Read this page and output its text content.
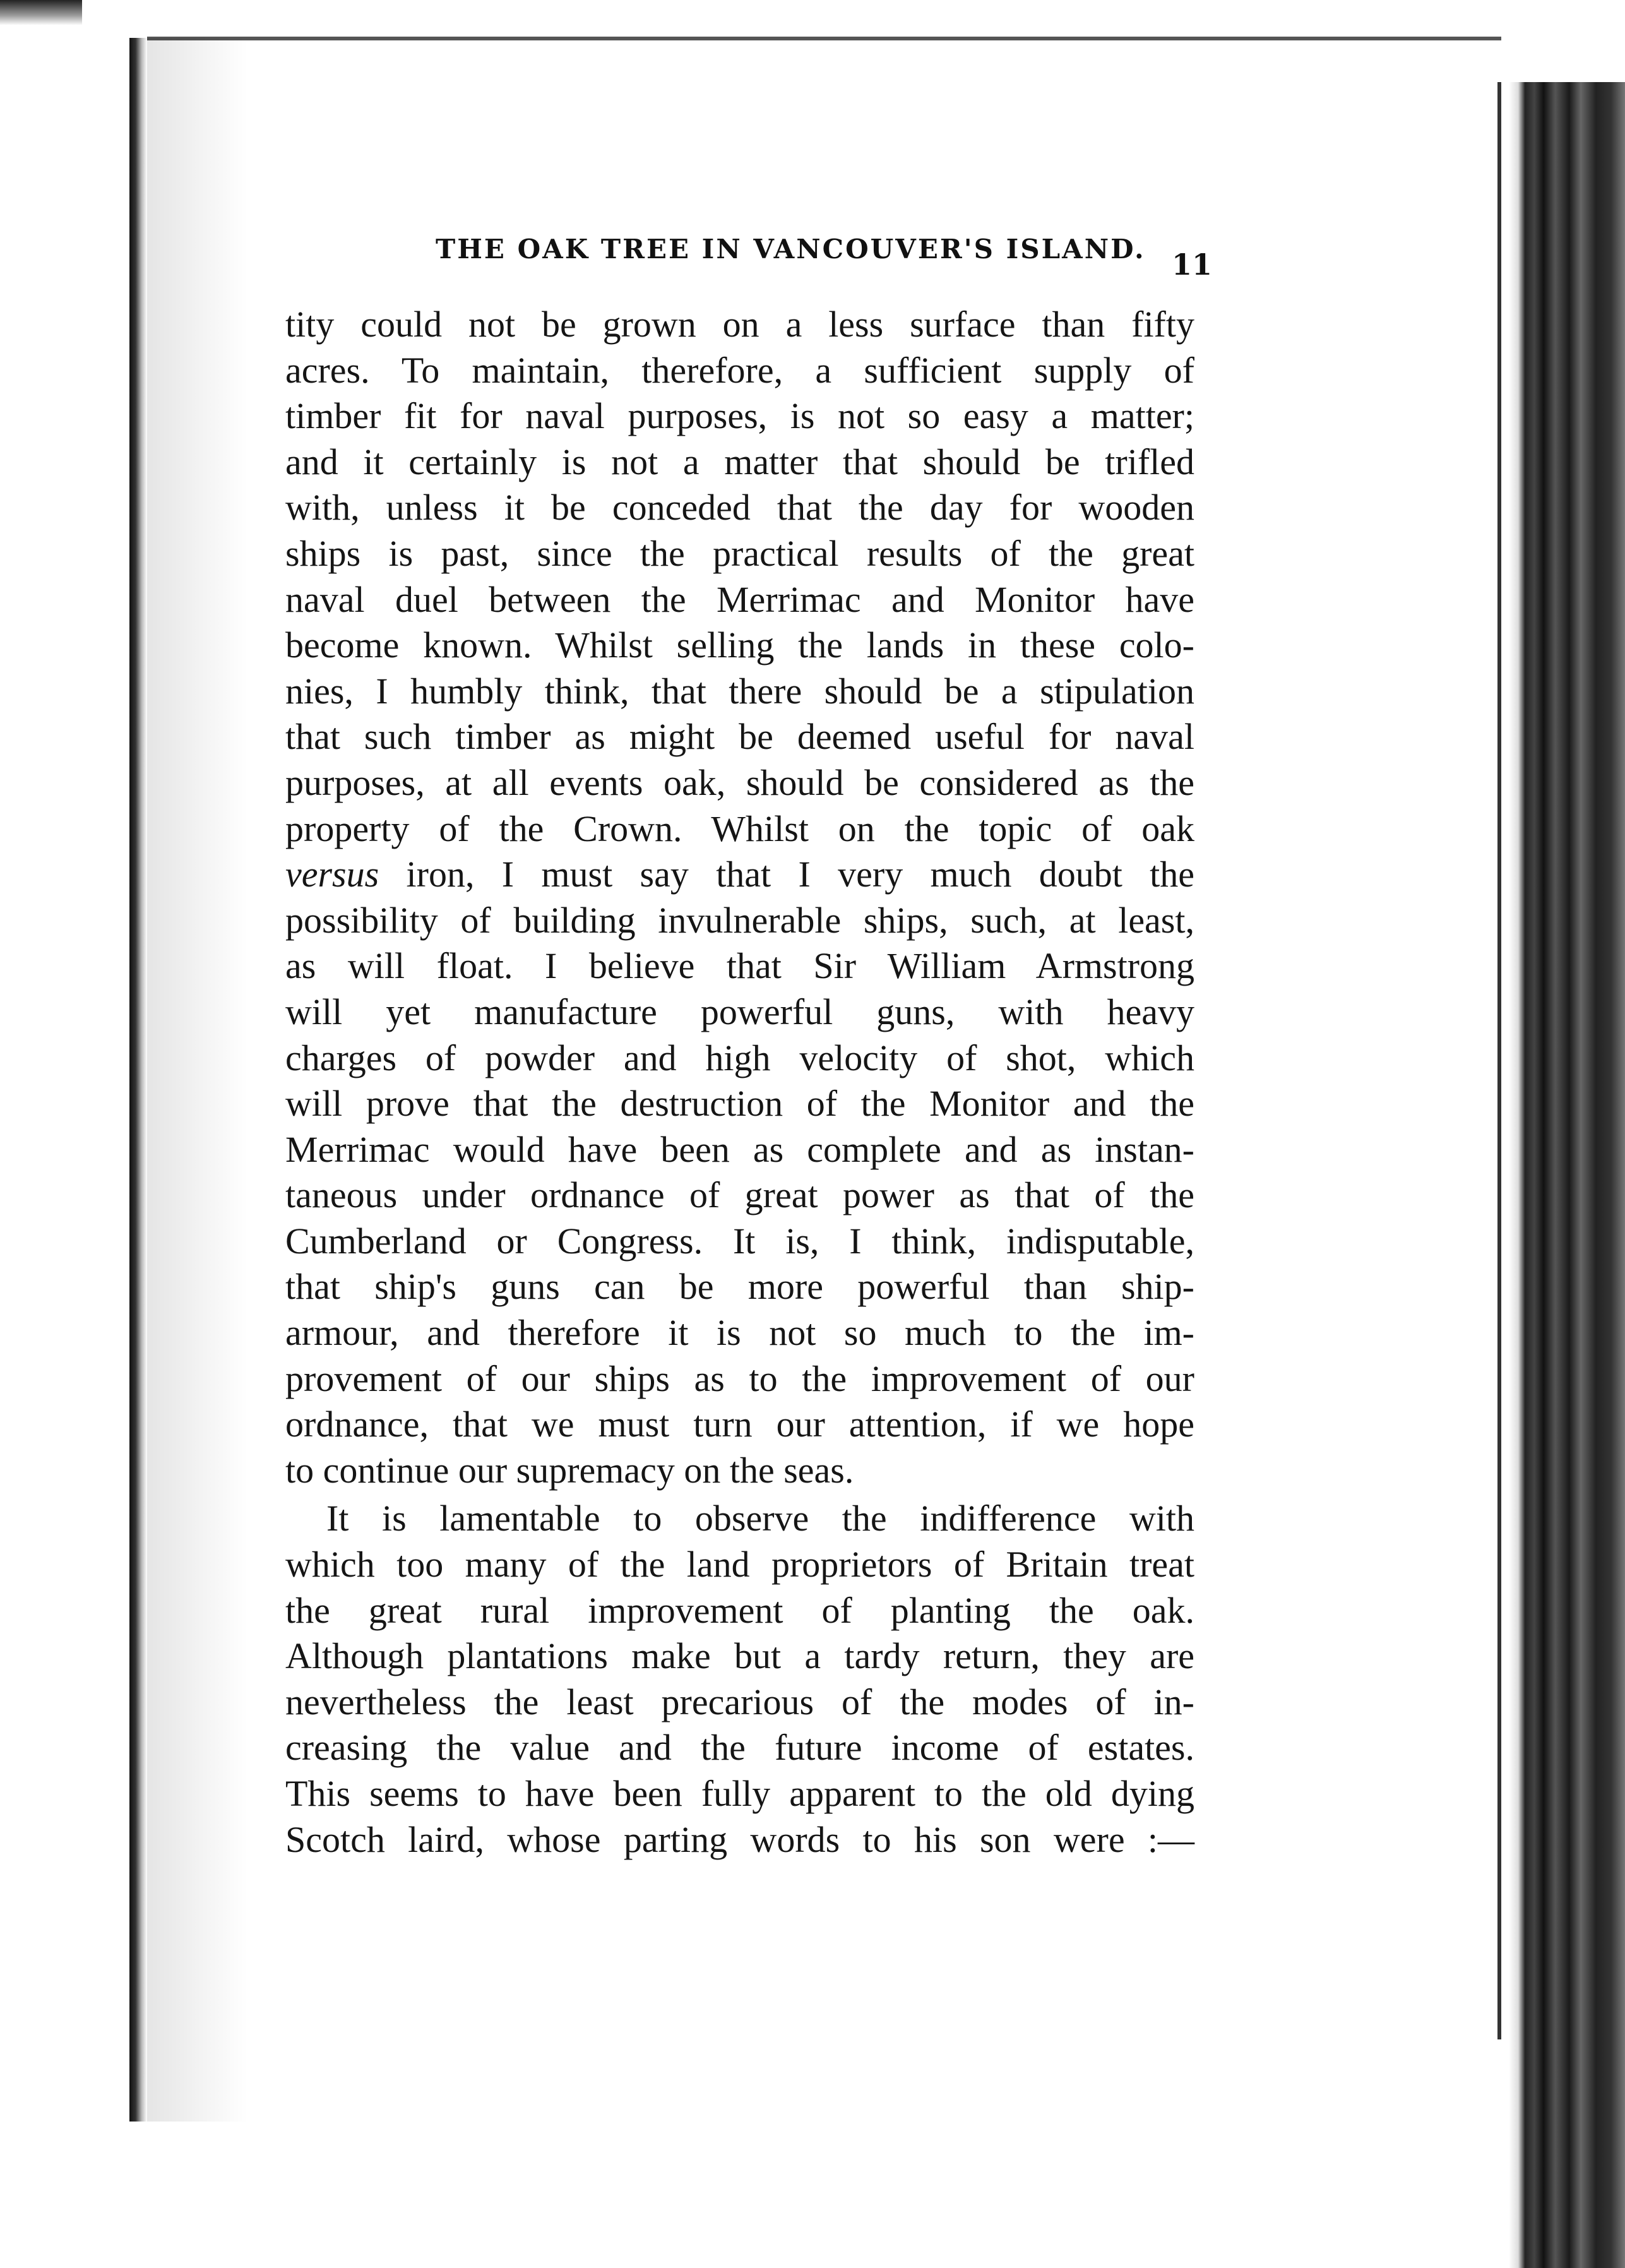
THE OAK TREE IN VANCOUVER'S ISLAND. 11
tity could not be grown on a less surface than fifty
acres. To maintain, therefore, a sufficient supply of
timber fit for naval purposes, is not so easy a matter;
and it certainly is not a matter that should be trifled
with, unless it be conceded that the day for wooden
ships is past, since the practical results of the great
naval duel between the Merrimac and Monitor have
become known. Whilst selling the lands in these colo-
nies, I humbly think, that there should be a stipulation
that such timber as might be deemed useful for naval
purposes, at all events oak, should be considered as the
property of the Crown. Whilst on the topic of oak
versus iron, I must say that I very much doubt the
possibility of building invulnerable ships, such, at least,
as will float. I believe that Sir William Armstrong
will yet manufacture powerful guns, with heavy
charges of powder and high velocity of shot, which
will prove that the destruction of the Monitor and the
Merrimac would have been as complete and as instan-
taneous under ordnance of great power as that of the
Cumberland or Congress. It is, I think, indisputable,
that ship's guns can be more powerful than ship-
armour, and therefore it is not so much to the im-
provement of our ships as to the improvement of our
ordnance, that we must turn our attention, if we hope
to continue our supremacy on the seas.
It is lamentable to observe the indifference with
which too many of the land proprietors of Britain treat
the great rural improvement of planting the oak.
Although plantations make but a tardy return, they are
nevertheless the least precarious of the modes of in-
creasing the value and the future income of estates.
This seems to have been fully apparent to the old dying
Scotch laird, whose parting words to his son were :—
